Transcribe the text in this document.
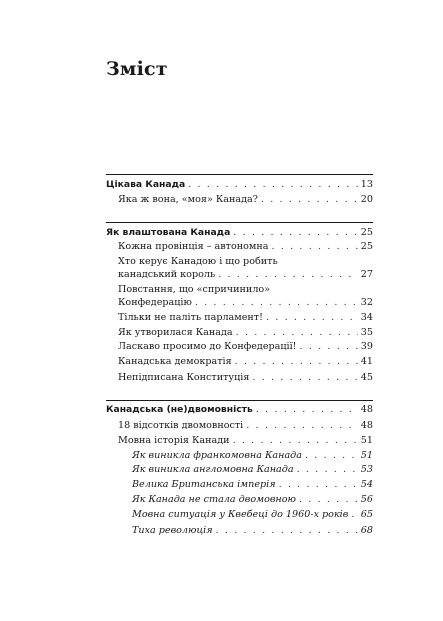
Зміст
Цікава Канада . . .	13
Яка ж вона, «моя» Канада? . . .	20
Як влаштована Канада . . .	25
Кожна провінція – автономна . . .	25
Хто керує Канадою і що робить
канадський король . . .	27
Повстання, що «спричинило»
Конфедерацію . . .	32
Тільки не паліть парламент! . . .	34
Як утворилася Канада . . .	35
Ласкаво просимо до Конфедерації! . . .	39
Канадська демократія . . .	41
Непідписана Конституція . . .	45
Канадська (не)двомовність . . .	48
18 відсотків двомовності . . .	48
Мовна історія Канади . . .	51
Як виникла франкомовна Канада . . .	51
Як виникла англомовна Канада . . .	53
Велика Британська імперія . . .	54
Як Канада не стала двомовною . . .	56
Мовна ситуація у Квебеці до 1960-х років . . . 65
Тиха революція . . .	68
